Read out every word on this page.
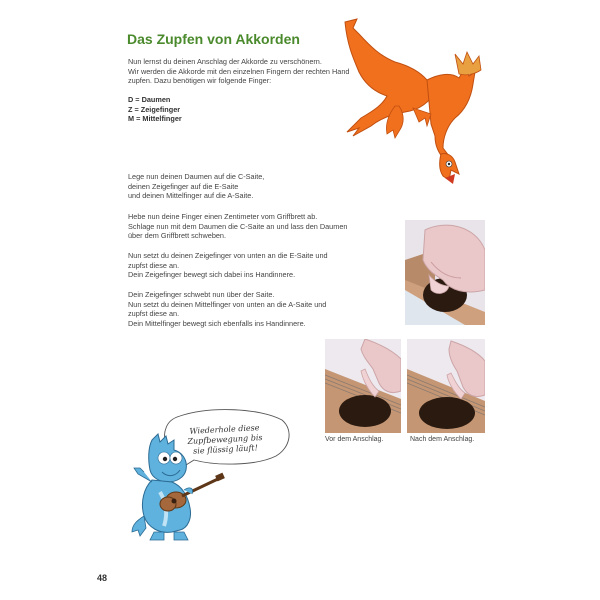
Das Zupfen von Akkorden

Nun lernst du deinen Anschlag der Akkorde zu verschönern.
Wir werden die Akkorde mit den einzelnen Fingern der rechten Hand
zupfen. Dazu benötigen wir folgende Finger:

D = Daumen
Z = Zeigefinger
M = Mittelfinger

Lege nun deinen Daumen auf die C-Saite,
deinen Zeigefinger auf die E-Saite
und deinen Mittelfinger auf die A-Saite.

Hebe nun deine Finger einen Zentimeter vom Griffbrett ab.
Schlage nun mit dem Daumen die C-Saite an und lass den Daumen
über dem Griffbrett schweben.

Nun setzt du deinen Zeigefinger von unten an die E-Saite und
zupfst diese an.
Dein Zeigefinger bewegt sich dabei ins Handinnere.

Dein Zeigefinger schwebt nun über der Saite.
Nun setzt du deinen Mittelfinger von unten an die A-Saite und
zupfst diese an.
Dein Mittelfinger bewegt sich ebenfalls ins Handinnere.

Vor dem Anschlag.	Nach dem Anschlag.
Wiederhole diese
Zupfbewegung bis
sie flüssig läuft!
48
